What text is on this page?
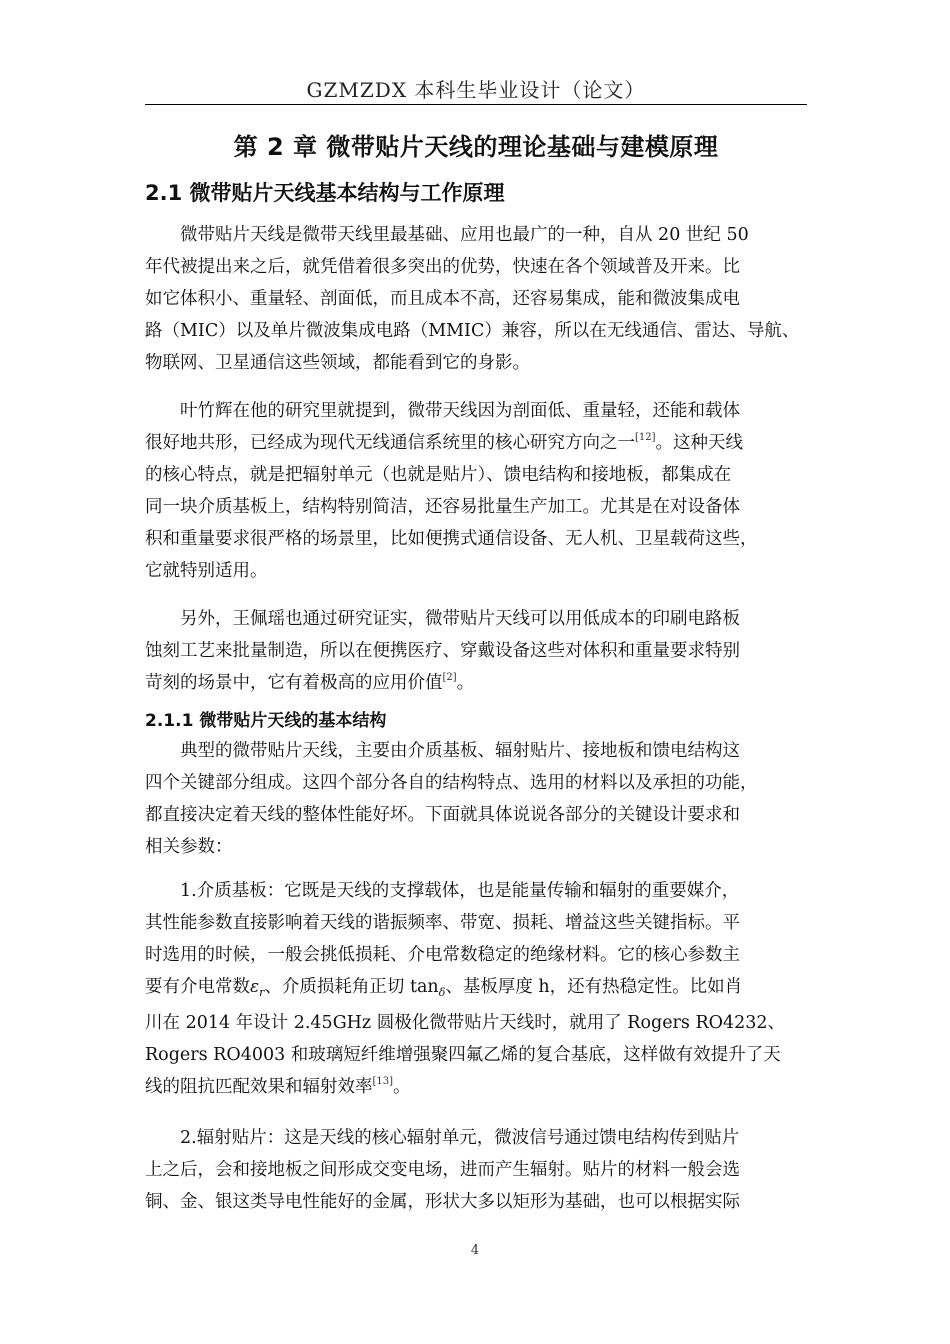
GZMZDX 本科生毕业设计（论文）
第 2 章 微带贴片天线的理论基础与建模原理
2.1 微带贴片天线基本结构与工作原理
微带贴片天线是微带天线里最基础、应用也最广的一种，自从 20 世纪 50
年代被提出来之后，就凭借着很多突出的优势，快速在各个领域普及开来。比
如它体积小、重量轻、剖面低，而且成本不高，还容易集成，能和微波集成电
路（MIC）以及单片微波集成电路（MMIC）兼容，所以在无线通信、雷达、导航、
物联网、卫星通信这些领域，都能看到它的身影。
叶竹辉在他的研究里就提到，微带天线因为剖面低、重量轻，还能和载体
很好地共形，已经成为现代无线通信系统里的核心研究方向之一[12]。这种天线
的核心特点，就是把辐射单元（也就是贴片）、馈电结构和接地板，都集成在
同一块介质基板上，结构特别简洁，还容易批量生产加工。尤其是在对设备体
积和重量要求很严格的场景里，比如便携式通信设备、无人机、卫星载荷这些，
它就特别适用。
另外，王佩瑶也通过研究证实，微带贴片天线可以用低成本的印刷电路板
蚀刻工艺来批量制造，所以在便携医疗、穿戴设备这些对体积和重量要求特别
苛刻的场景中，它有着极高的应用价值[2]。
2.1.1 微带贴片天线的基本结构
典型的微带贴片天线，主要由介质基板、辐射贴片、接地板和馈电结构这
四个关键部分组成。这四个部分各自的结构特点、选用的材料以及承担的功能，
都直接决定着天线的整体性能好坏。下面就具体说说各部分的关键设计要求和
相关参数：
1.介质基板：它既是天线的支撑载体，也是能量传输和辐射的重要媒介，
其性能参数直接影响着天线的谐振频率、带宽、损耗、增益这些关键指标。平
时选用的时候，一般会挑低损耗、介电常数稳定的绝缘材料。它的核心参数主
要有介电常数$\varepsilon_r$、介质损耗角正切 $\tan_\delta$、基板厚度 h，还有热稳定性。比如肖
川在 2014 年设计 2.45GHz 圆极化微带贴片天线时，就用了 Rogers RO4232、
Rogers RO4003 和玻璃短纤维增强聚四氟乙烯的复合基底，这样做有效提升了天
线的阻抗匹配效果和辐射效率[13]。
2.辐射贴片：这是天线的核心辐射单元，微波信号通过馈电结构传到贴片
上之后，会和接地板之间形成交变电场，进而产生辐射。贴片的材料一般会选
铜、金、银这类导电性能好的金属，形状大多以矩形为基础，也可以根据实际
4
